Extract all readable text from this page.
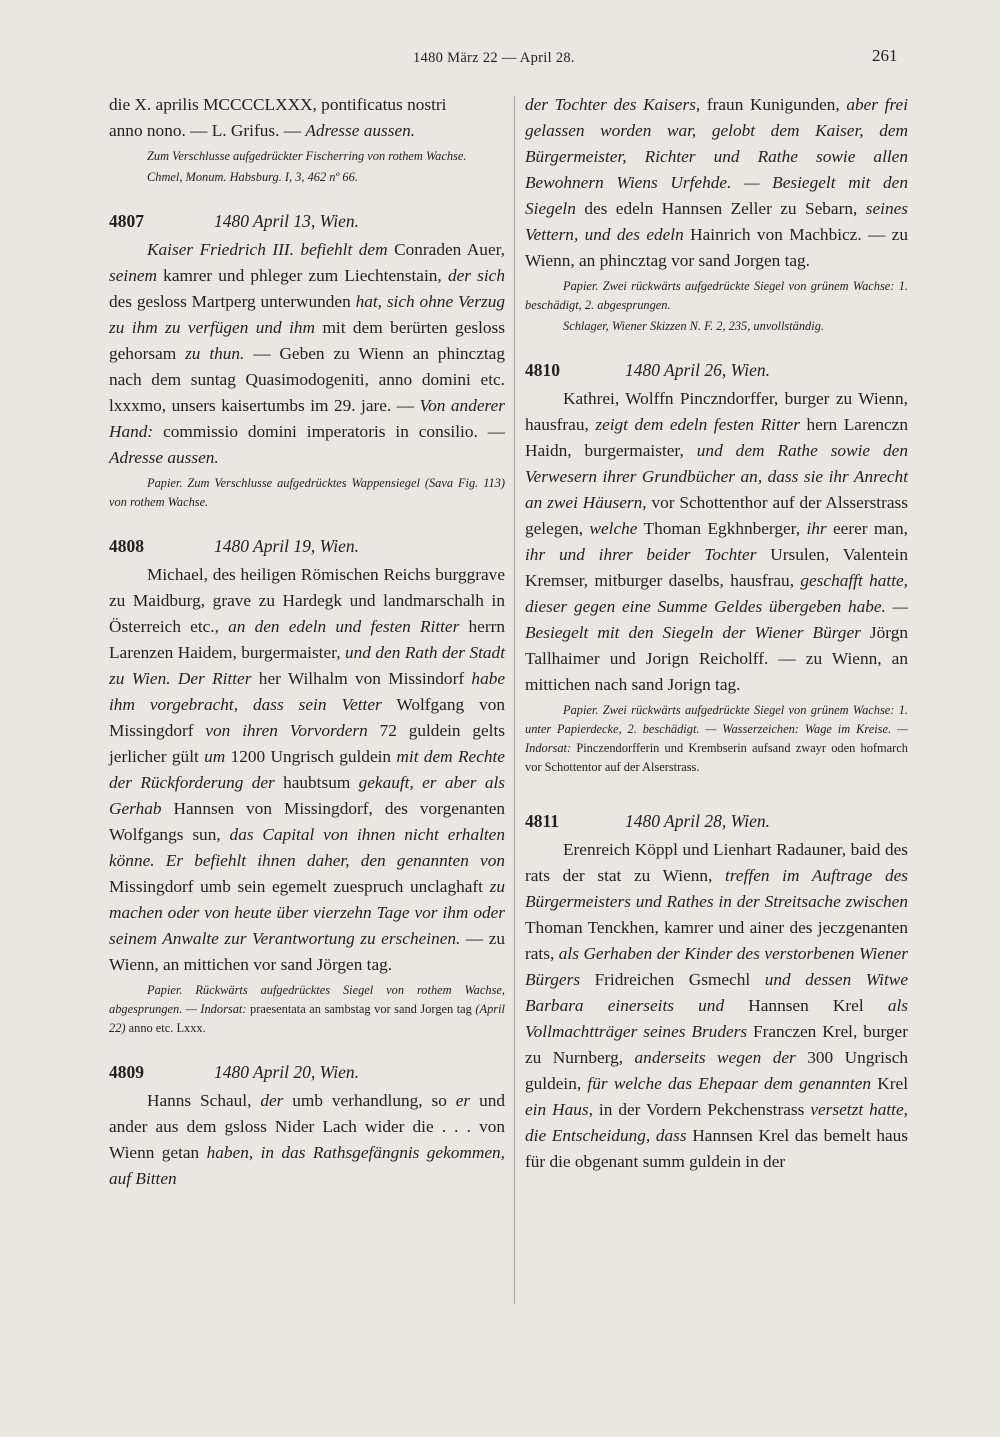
1480 März 22 — April 28.	261

die X. aprilis MCCCCLXXX, pontificatus nostri
anno nono. — L. Grifus. — Adresse aussen.

Zum Verschlusse aufgedrückter Fischerring von rothem Wachse.

Chmel, Monum. Habsburg. I, 3, 462 nº 66.

4807	1480 April 13, Wien.

Kaiser Friedrich III. befiehlt dem Conraden Auer, seinem kamrer und phleger zum Liechtenstain, der sich des gesloss Martperg unterwunden hat, sich ohne Verzug zu ihm zu verfügen und ihm mit dem berürten gesloss gehorsam zu thun. — Geben zu Wienn an phincztag nach dem suntag Quasimodogeniti, anno domini etc. lxxxmo, unsers kaisertumbs im 29. jare. — Von anderer Hand: commissio domini imperatoris in consilio. — Adresse aussen.

Papier. Zum Verschlusse aufgedrücktes Wappensiegel (Sava Fig. 113) von rothem Wachse.

4808	1480 April 19, Wien.

Michael, des heiligen Römischen Reichs burggrave zu Maidburg, grave zu Hardegk und landmarschalh in Österreich etc., an den edeln und festen Ritter herrn Larenzen Haidem, burgermaister, und den Rath der Stadt zu Wien. Der Ritter her Wilhalm von Missindorf habe ihm vorgebracht, dass sein Vetter Wolfgang von Missingdorf von ihren Vorvordern 72 guldein gelts jerlicher gült um 1200 Ungrisch guldein mit dem Rechte der Rückforderung der haubtsum gekauft, er aber als Gerhab Hannsen von Missingdorf, des vorgenanten Wolfgangs sun, das Capital von ihnen nicht erhalten könne. Er befiehlt ihnen daher, den genannten von Missingdorf umb sein egemelt zuespruch unclaghaft zu machen oder von heute über vierzehn Tage vor ihm oder seinem Anwalte zur Verantwortung zu erscheinen. — zu Wienn, an mittichen vor sand Jörgen tag.

Papier. Rückwärts aufgedrücktes Siegel von rothem Wachse, abgesprungen. — Indorsat: praesentata an sambstag vor sand Jorgen tag (April 22) anno etc. Lxxx.

4809	1480 April 20, Wien.

Hanns Schaul, der umb verhandlung, so er und ander aus dem gsloss Nider Lach wider die . . . von Wienn getan haben, in das Rathsgefängnis gekommen, auf Bitten

der Tochter des Kaisers, fraun Kunigunden, aber frei gelassen worden war, gelobt dem Kaiser, dem Bürgermeister, Richter und Rathe sowie allen Bewohnern Wiens Urfehde. — Besiegelt mit den Siegeln des edeln Hannsen Zeller zu Sebarn, seines Vettern, und des edeln Hainrich von Machbicz. — zu Wienn, an phincztag vor sand Jorgen tag.

Papier. Zwei rückwärts aufgedrückte Siegel von grünem Wachse: 1. beschädigt, 2. abgesprungen.

Schlager, Wiener Skizzen N. F. 2, 235, unvollständig.

4810	1480 April 26, Wien.

Kathrei, Wolffn Pinczndorffer, burger zu Wienn, hausfrau, zeigt dem edeln festen Ritter hern Larenczn Haidn, burgermaister, und dem Rathe sowie den Verwesern ihrer Grundbücher an, dass sie ihr Anrecht an zwei Häusern, vor Schottenthor auf der Alsserstrass gelegen, welche Thoman Egkhnberger, ihr eerer man, ihr und ihrer beider Tochter Ursulen, Valentein Kremser, mitburger daselbs, hausfrau, geschafft hatte, dieser gegen eine Summe Geldes übergeben habe. — Besiegelt mit den Siegeln der Wiener Bürger Jörgn Tallhaimer und Jorign Reicholff. — zu Wienn, an mittichen nach sand Jorign tag.

Papier. Zwei rückwärts aufgedrückte Siegel von grünem Wachse: 1. unter Papierdecke, 2. beschädigt. — Wasserzeichen: Wage im Kreise. — Indorsat: Pinczendorfferin und Krembserin aufsand zwayr oden hofmarch vor Schottentor auf der Alserstrass.

4811	1480 April 28, Wien.

Erenreich Köppl und Lienhart Radauner, baid des rats der stat zu Wienn, treffen im Auftrage des Bürgermeisters und Rathes in der Streitsache zwischen Thoman Tenckhen, kamrer und ainer des jeczgenanten rats, als Gerhaben der Kinder des verstorbenen Wiener Bürgers Fridreichen Gsmechl und dessen Witwe Barbara einerseits und Hannsen Krel als Vollmachtträger seines Bruders Franczen Krel, burger zu Nurnberg, anderseits wegen der 300 Ungrisch guldein, für welche das Ehepaar dem genannten Krel ein Haus, in der Vordern Pekchenstrass versetzt hatte, die Entscheidung, dass Hannsen Krel das bemelt haus für die obgenant summ guldein in der
